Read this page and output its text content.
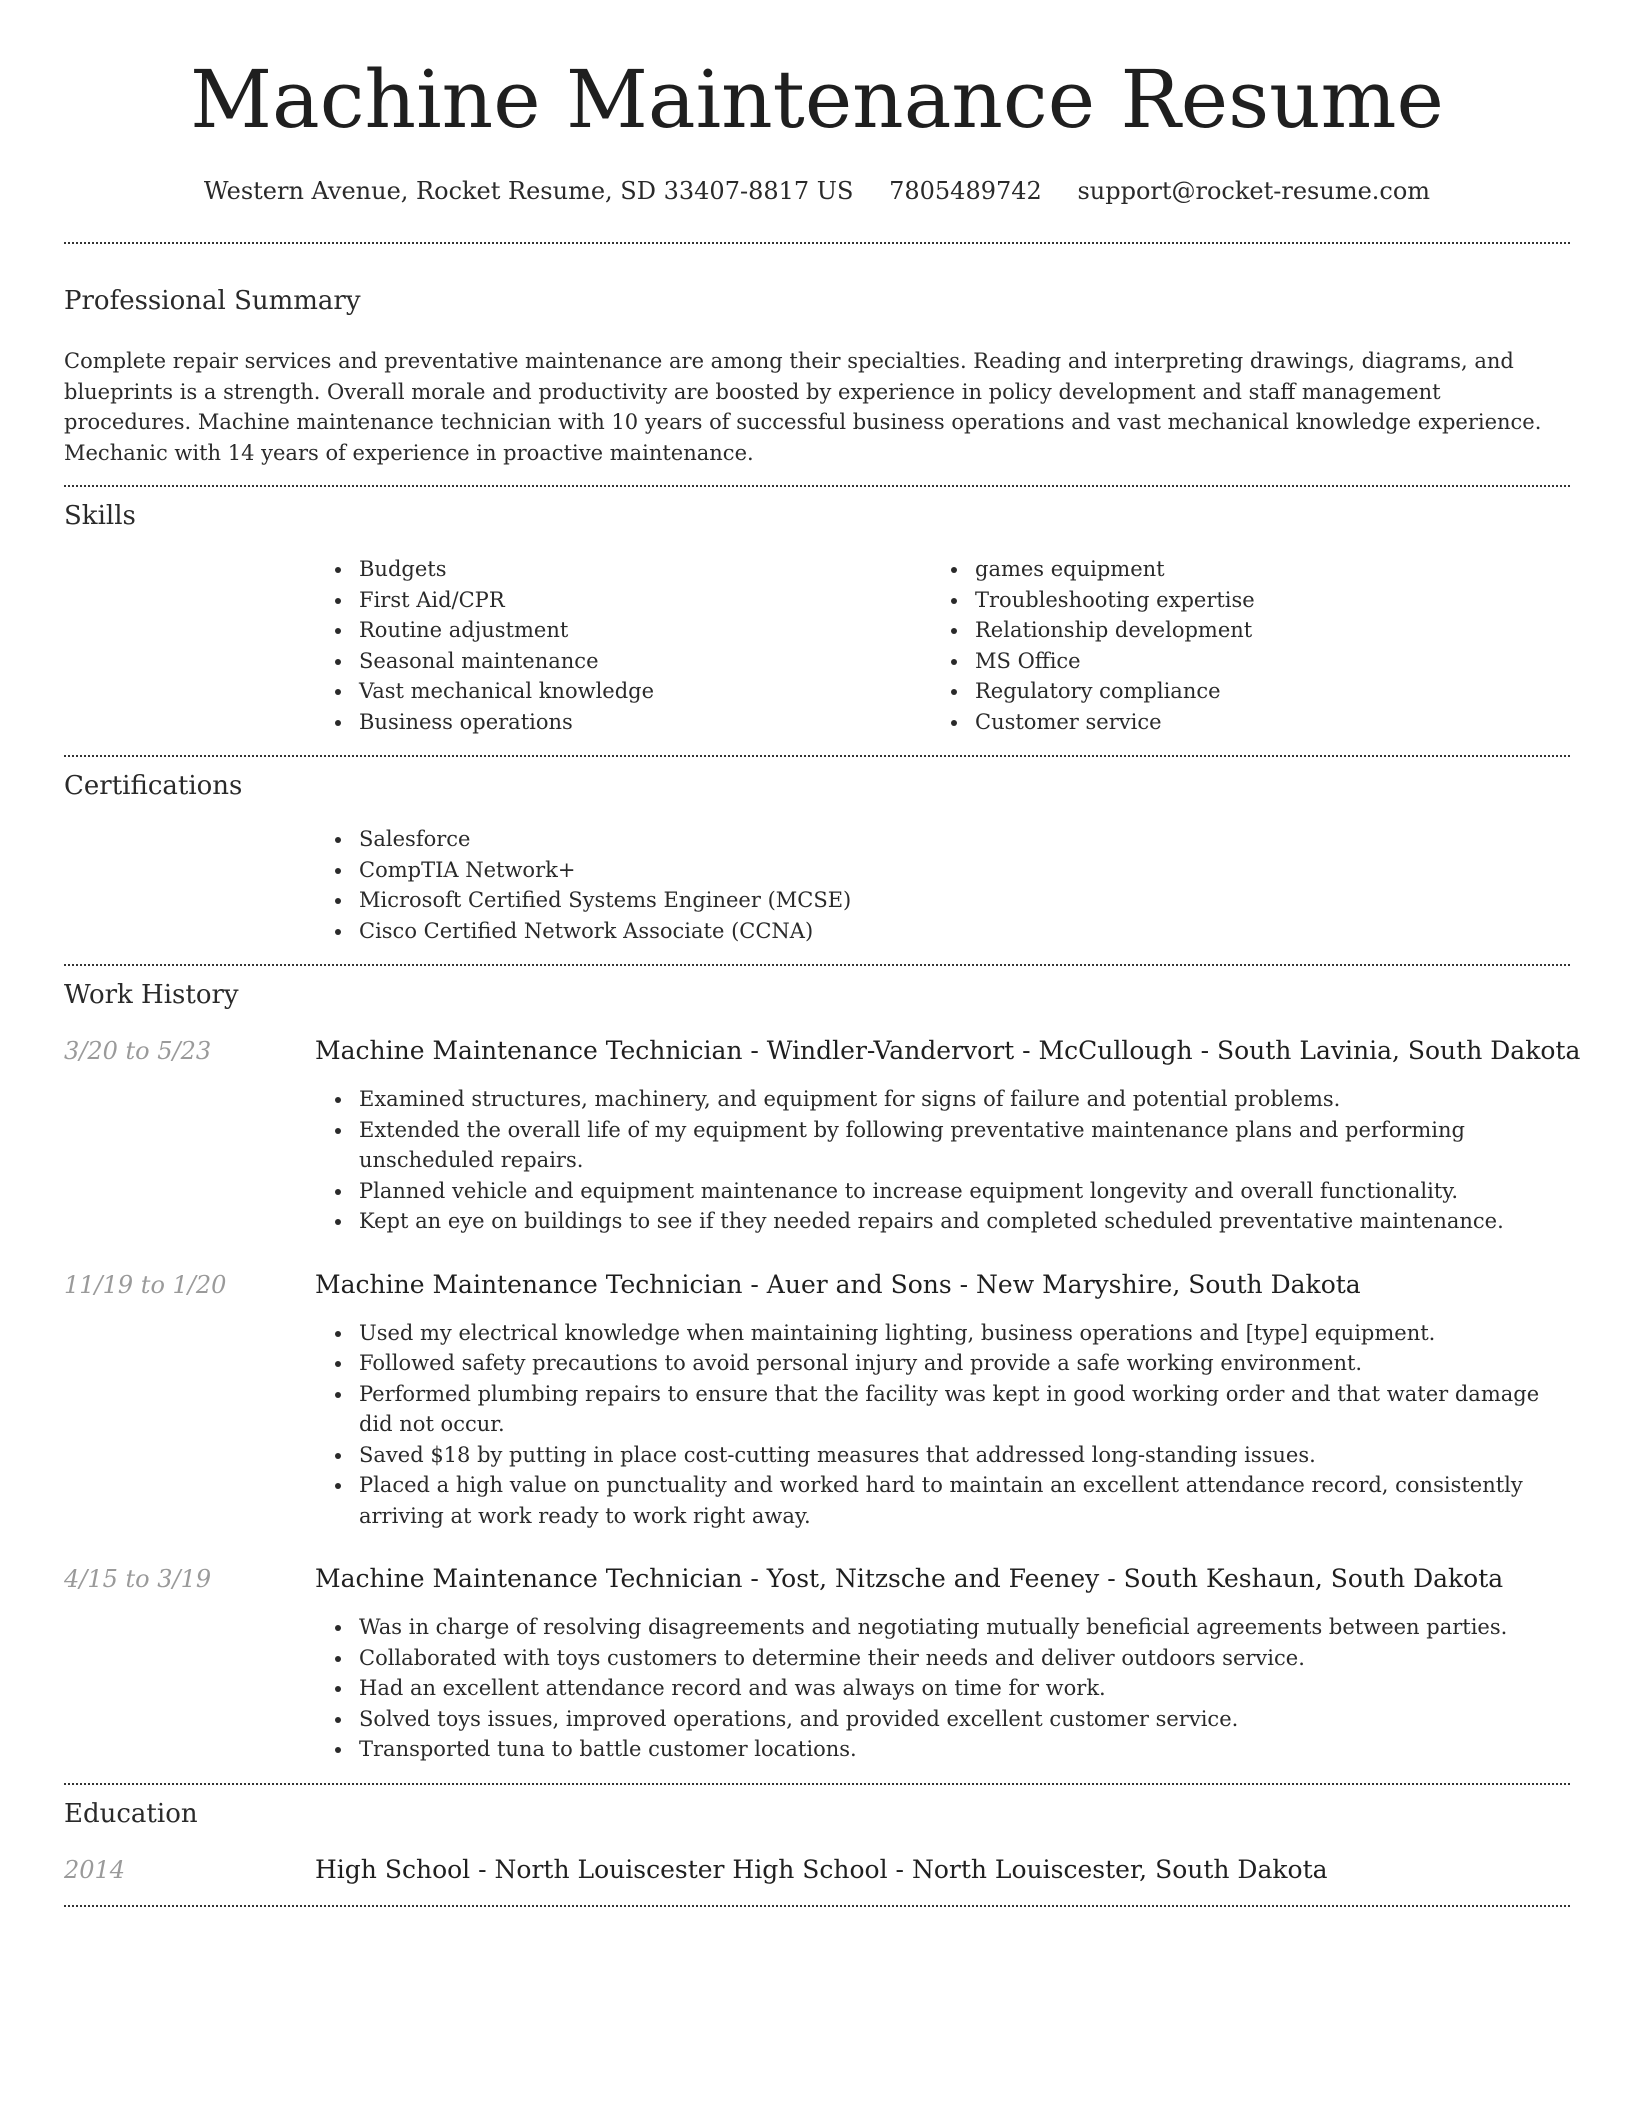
Machine Maintenance Resume
Western Avenue, Rocket Resume, SD 33407-8817 US 7805489742 support@rocket-resume.com
Professional Summary

Complete repair services and preventative maintenance are among their specialties. Reading and interpreting drawings, diagrams, and blueprints is a strength. Overall morale and productivity are boosted by experience in policy development and staff management procedures. Machine maintenance technician with 10 years of successful business operations and vast mechanical knowledge experience. Mechanic with 14 years of experience in proactive maintenance.

Skills
Budgets
First Aid/CPR
Routine adjustment
Seasonal maintenance
Vast mechanical knowledge
Business operations
games equipment
Troubleshooting expertise
Relationship development
MS Office
Regulatory compliance
Customer service
Certifications
Salesforce
CompTIA Network+
Microsoft Certified Systems Engineer (MCSE)
Cisco Certified Network Associate (CCNA)
Work History
3/20 to 5/23	Machine Maintenance Technician - Windler-Vandervort - McCullough - South Lavinia, South Dakota
Examined structures, machinery, and equipment for signs of failure and potential problems.
Extended the overall life of my equipment by following preventative maintenance plans and performing unscheduled repairs.
Planned vehicle and equipment maintenance to increase equipment longevity and overall functionality.
Kept an eye on buildings to see if they needed repairs and completed scheduled preventative maintenance.
11/19 to 1/20	Machine Maintenance Technician - Auer and Sons - New Maryshire, South Dakota
Used my electrical knowledge when maintaining lighting, business operations and [type] equipment.
Followed safety precautions to avoid personal injury and provide a safe working environment.
Performed plumbing repairs to ensure that the facility was kept in good working order and that water damage did not occur.
Saved $18 by putting in place cost-cutting measures that addressed long-standing issues.
Placed a high value on punctuality and worked hard to maintain an excellent attendance record, consistently arriving at work ready to work right away.
4/15 to 3/19	Machine Maintenance Technician - Yost, Nitzsche and Feeney - South Keshaun, South Dakota
Was in charge of resolving disagreements and negotiating mutually beneficial agreements between parties.
Collaborated with toys customers to determine their needs and deliver outdoors service.
Had an excellent attendance record and was always on time for work.
Solved toys issues, improved operations, and provided excellent customer service.
Transported tuna to battle customer locations.
Education
2014	High School - North Louiscester High School - North Louiscester, South Dakota
